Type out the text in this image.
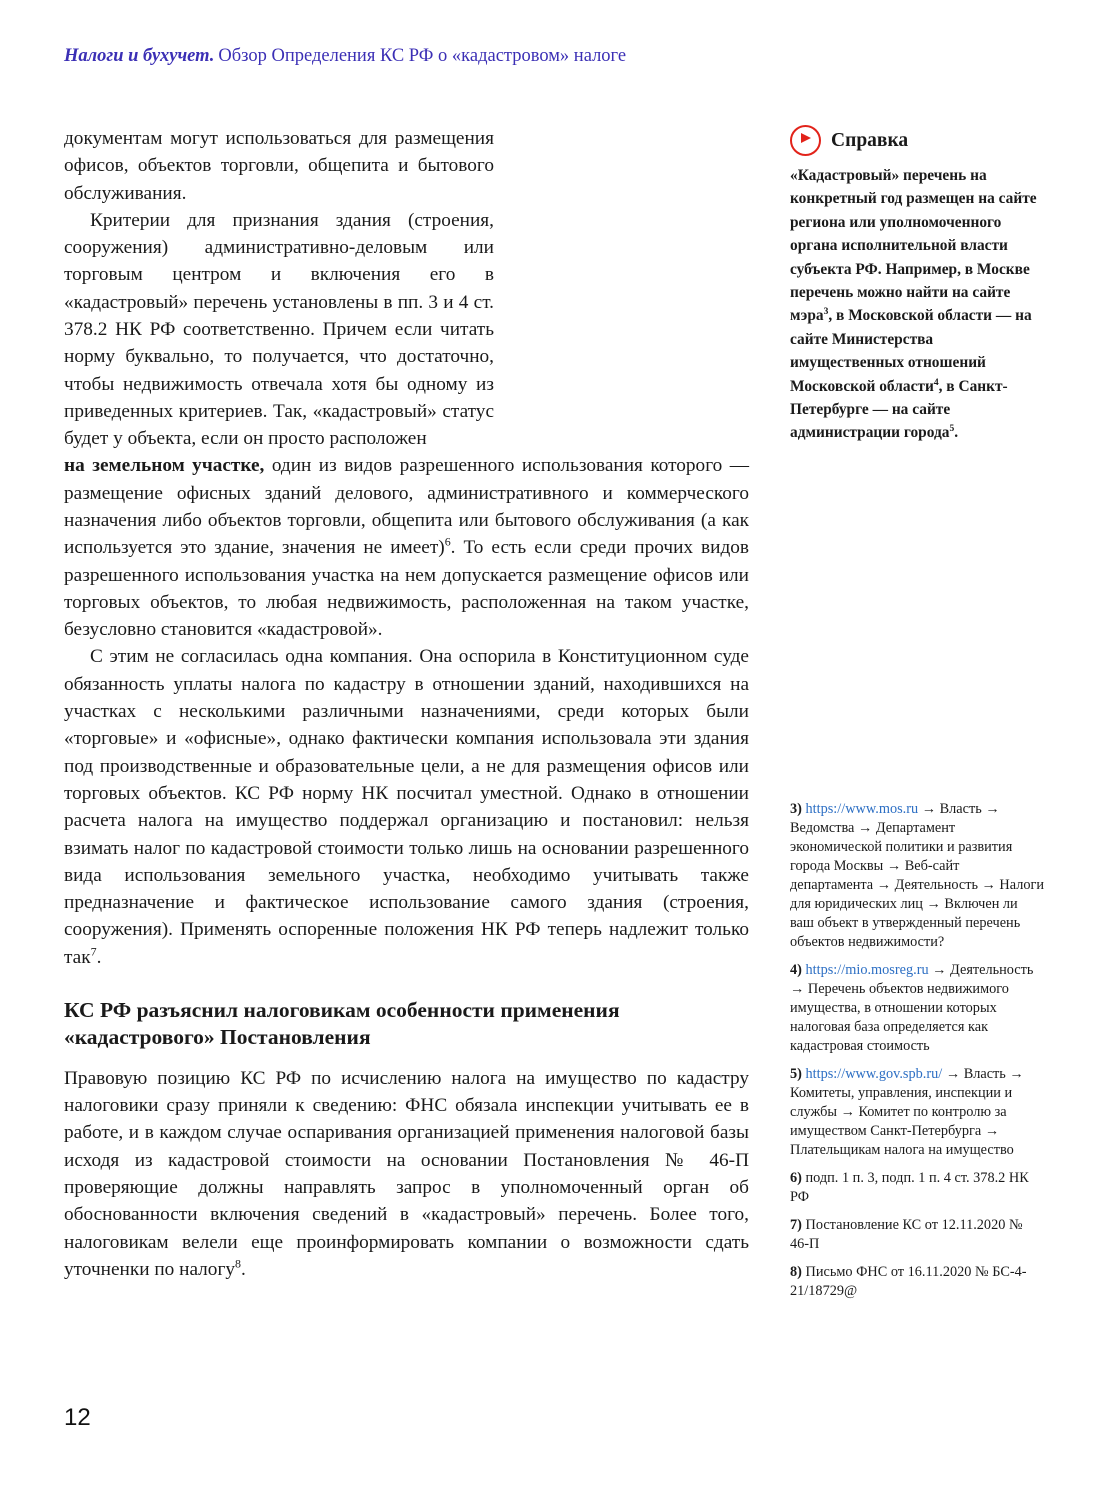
Налоги и бухучет. Обзор Определения КС РФ о «кадастровом» налоге
Справка
«Кадастровый» перечень на конкретный год размещен на сайте региона или уполномоченного органа исполнительной власти субъекта РФ. Например, в Москве перечень можно найти на сайте мэра$^3$, в Московской области — на сайте Министерства имущественных отношений Московской области$^4$, в Санкт-Петербурге — на сайте администрации города$^5$.

документам могут использоваться для размещения офисов, объектов торговли, общепита и бытового обслуживания.

Критерии для признания здания (строения, сооружения) административно-деловым или торговым центром и включения его в «кадастровый» перечень установлены в пп. 3 и 4 ст. 378.2 НК РФ соответственно. Причем если читать норму буквально, то получается, что достаточно, чтобы недвижимость отвечала хотя бы одному из приведенных критериев. Так, «кадастровый» статус будет у объекта, если он просто расположен

на земельном участке, один из видов разрешенного использования которого — размещение офисных зданий делового, административного и коммерческого назначения либо объектов торговли, общепита или бытового обслуживания (а как используется это здание, значения не имеет)$^6$. То есть если среди прочих видов разрешенного использования участка на нем допускается размещение офисов или торговых объектов, то любая недвижимость, расположенная на таком участке, безусловно становится «кадастровой».

С этим не согласилась одна компания. Она оспорила в Конституционном суде обязанность уплаты налога по кадастру в отношении зданий, находившихся на участках с несколькими различными назначениями, среди которых были «торговые» и «офисные», однако фактически компания использовала эти здания под производственные и образовательные цели, а не для размещения офисов или торговых объектов. КС РФ норму НК посчитал уместной. Однако в отношении расчета налога на имущество поддержал организацию и постановил: нельзя взимать налог по кадастровой стоимости только лишь на основании разрешенного вида использования земельного участка, необходимо учитывать также предназначение и фактическое использование самого здания (строения, сооружения). Применять оспоренные положения НК РФ теперь надлежит только так$^7$.

КС РФ разъяснил налоговикам особенности применения «кадастрового» Постановления

Правовую позицию КС РФ по исчислению налога на имущество по кадастру налоговики сразу приняли к сведению: ФНС обязала инспекции учитывать ее в работе, и в каждом случае оспаривания организацией применения налоговой базы исходя из кадастровой стоимости на основании Постановления № 46-П проверяющие должны направлять запрос в уполномоченный орган об обоснованности включения сведений в «кадастровый» перечень. Более того, налоговикам велели еще проинформировать компании о возможности сдать уточненки по налогу$^8$.

3) https://www.mos.ru → Власть → Ведомства → Департамент экономической политики и развития города Москвы → Веб-сайт департамента → Деятельность → Налоги для юридических лиц → Включен ли ваш объект в утвержденный перечень объектов недвижимости?
4) https://mio.mosreg.ru → Деятельность → Перечень объектов недвижимого имущества, в отношении которых налоговая база определяется как кадастровая стоимость
5) https://www.gov.spb.ru/ → Власть → Комитеты, управления, инспекции и службы → Комитет по контролю за имуществом Санкт-Петербурга → Плательщикам налога на имущество
6) подп. 1 п. 3, подп. 1 п. 4 ст. 378.2 НК РФ
7) Постановление КС от 12.11.2020 № 46-П
8) Письмо ФНС от 16.11.2020 № БС-4-21/18729@
12
